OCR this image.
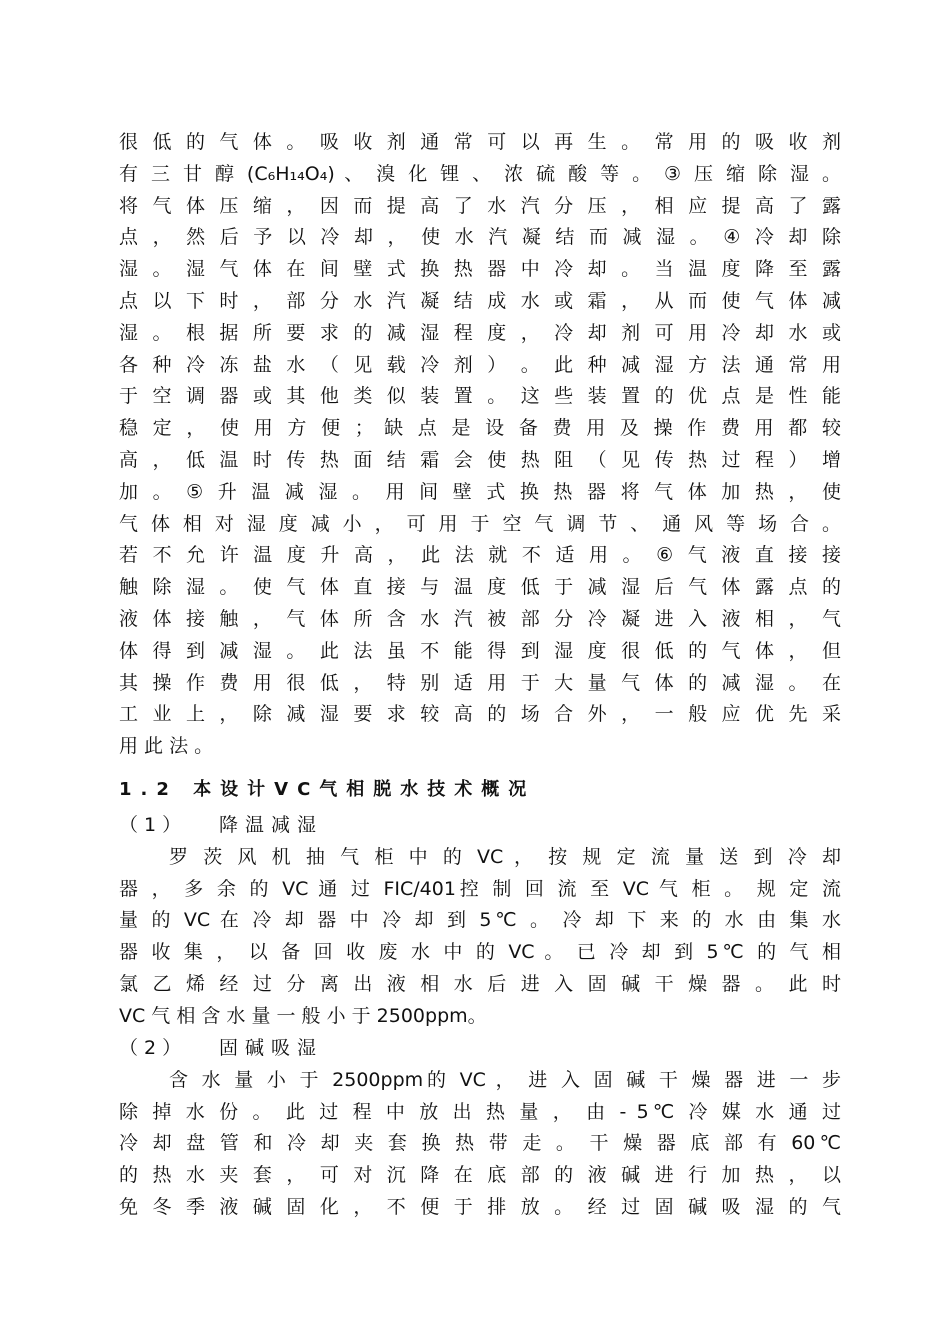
很 低 的 气 体 。 吸 收 剂 通 常 可 以 再 生 。 常 用 的 吸 收 剂
有 三 甘 醇 (C₆H₁₄O₄) 、 溴 化 锂 、 浓 硫 酸 等 。 ③ 压 缩 除 湿 。
将 气 体 压 缩 ， 因 而 提 高 了 水 汽 分 压 ， 相 应 提 高 了 露
点 ， 然 后 予 以 冷 却 ， 使 水 汽 凝 结 而 减 湿 。 ④ 冷 却 除
湿 。 湿 气 体 在 间 壁 式 换 热 器 中 冷 却 。 当 温 度 降 至 露
点 以 下 时 ， 部 分 水 汽 凝 结 成 水 或 霜 ， 从 而 使 气 体 减
湿 。 根 据 所 要 求 的 减 湿 程 度 ， 冷 却 剂 可 用 冷 却 水 或
各 种 冷 冻 盐 水 （ 见 载 冷 剂 ） 。 此 种 减 湿 方 法 通 常 用
于 空 调 器 或 其 他 类 似 装 置 。 这 些 装 置 的 优 点 是 性 能
稳 定 ， 使 用 方 便 ； 缺 点 是 设 备 费 用 及 操 作 费 用 都 较
高 ， 低 温 时 传 热 面 结 霜 会 使 热 阻 （ 见 传 热 过 程 ） 增
加 。 ⑤ 升 温 减 湿 。 用 间 壁 式 换 热 器 将 气 体 加 热 ， 使
气 体 相 对 湿 度 减 小 ， 可 用 于 空 气 调 节 、 通 风 等 场 合 。
若 不 允 许 温 度 升 高 ， 此 法 就 不 适 用 。 ⑥ 气 液 直 接 接
触 除 湿 。 使 气 体 直 接 与 温 度 低 于 减 湿 后 气 体 露 点 的
液 体 接 触 ， 气 体 所 含 水 汽 被 部 分 冷 凝 进 入 液 相 ， 气
体 得 到 减 湿 。 此 法 虽 不 能 得 到 湿 度 很 低 的 气 体 ， 但
其 操 作 费 用 很 低 ， 特 别 适 用 于 大 量 气 体 的 减 湿 。 在
工 业 上 ， 除 减 湿 要 求 较 高 的 场 合 外 ， 一 般 应 优 先 采
用 此 法 。
1.2 本设计VC气相脱水技术概况
（1） 降温减湿
罗 茨 风 机 抽 气 柜 中 的 VC ， 按 规 定 流 量 送 到 冷 却
器 ， 多 余 的 VC 通 过 FIC/401控 制 回 流 至 VC 气 柜 。 规 定 流
量 的 VC 在 冷 却 器 中 冷 却 到 5℃ 。 冷 却 下 来 的 水 由 集 水
器 收 集 ， 以 备 回 收 废 水 中 的 VC 。 已 冷 却 到 5℃ 的 气 相
氯 乙 烯 经 过 分 离 出 液 相 水 后 进 入 固 碱 干 燥 器 。 此 时
VC 气 相 含 水 量 一 般 小 于 2500ppm。
（2） 固碱吸湿
含 水 量 小 于 2500ppm的 VC ， 进 入 固 碱 干 燥 器 进 一 步
除 掉 水 份 。 此 过 程 中 放 出 热 量 ， 由 - 5℃ 冷 媒 水 通 过
冷 却 盘 管 和 冷 却 夹 套 换 热 带 走 。 干 燥 器 底 部 有 60℃
的 热 水 夹 套 ， 可 对 沉 降 在 底 部 的 液 碱 进 行 加 热 ， 以
免 冬 季 液 碱 固 化 ， 不 便 于 排 放 。 经 过 固 碱 吸 湿 的 气
